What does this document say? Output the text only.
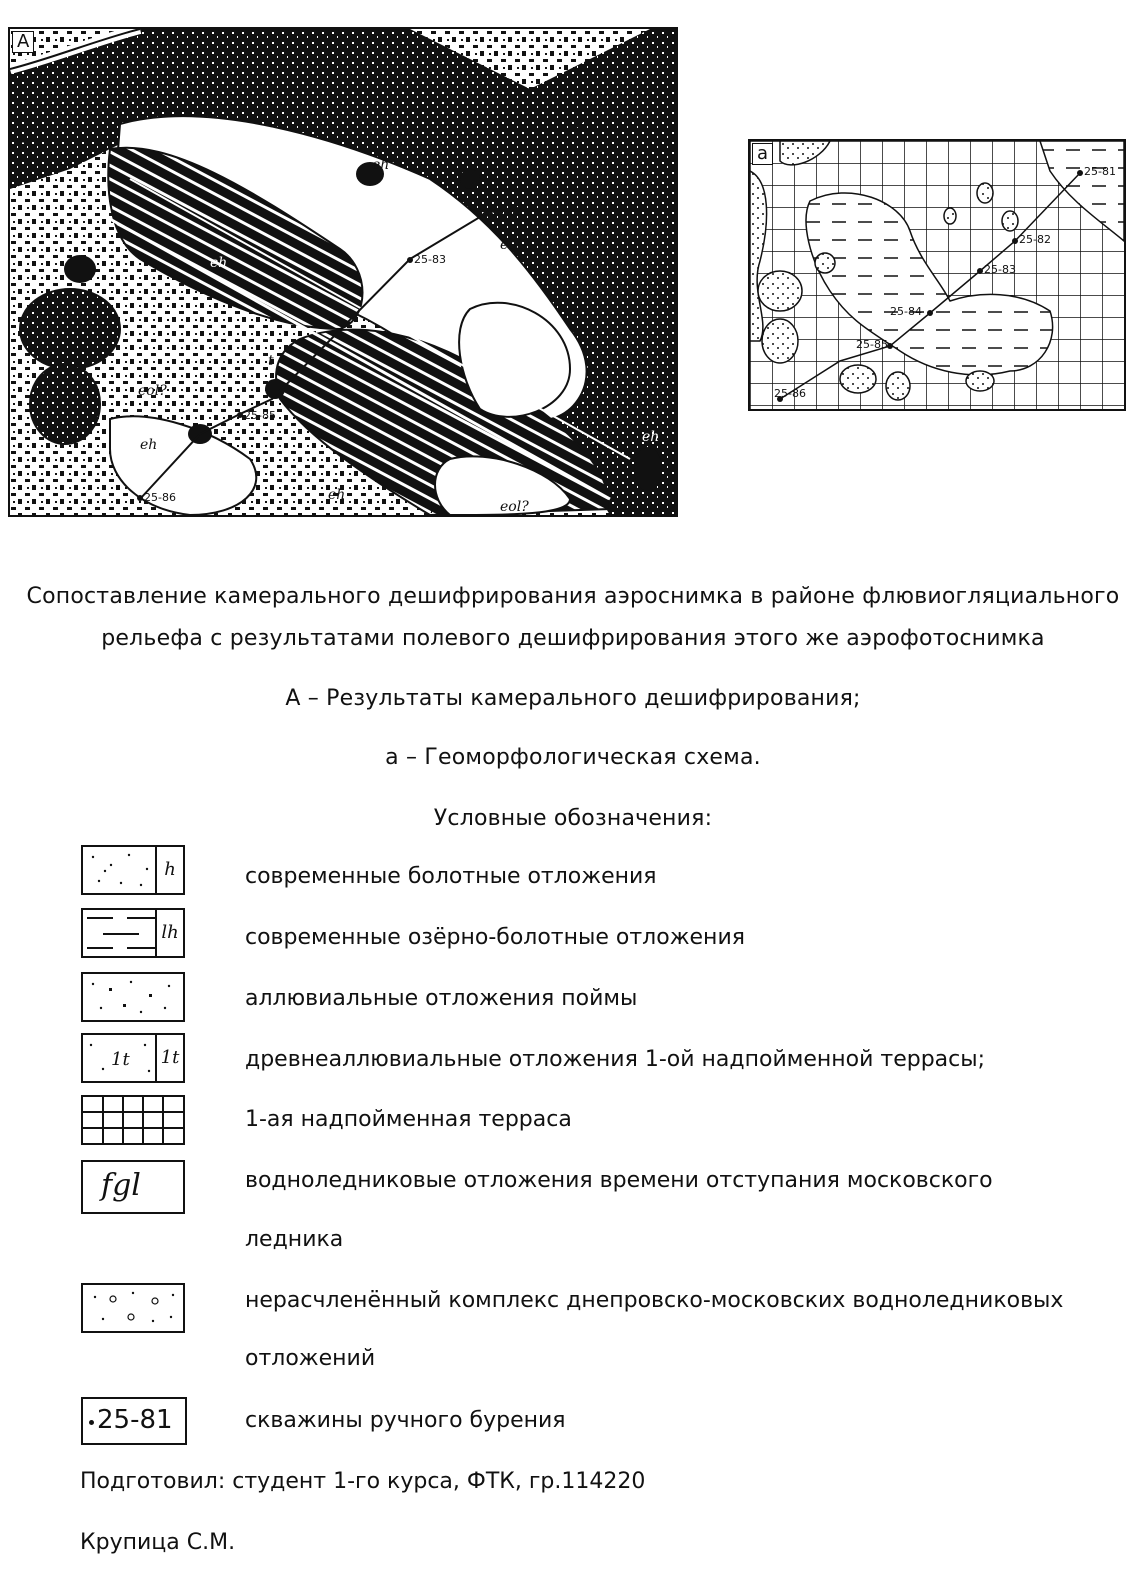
eh
eh
eh
eh
eh
eol?
eol?
eol?
h
h
t
25-82
25-83
25-85
25-86
A
25-81
25-82
25-83
25-84
25-85
25-86
a
Сопоставление камерального дешифрирования аэроснимка в районе флювиогляциального
рельефа с результатами полевого дешифрирования этого же аэрофотоснимка
А – Результаты камерального дешифрирования;
а – Геоморфологическая схема.
Условные обозначения:
h	современные болотные отложения
lh	современные озёрно-болотные отложения
аллювиальные отложения поймы
1t	1t	древнеаллювиальные отложения 1-ой надпойменной террасы;
1-ая надпойменная терраса
fgl	водноледниковые отложения времени отступания московского
ледника
нерасчленённый комплекс днепровско-московских водноледниковых
отложений
25-81	скважины ручного бурения
Подготовил: студент 1-го курса, ФТК, гр.114220
Крупица С.М.
